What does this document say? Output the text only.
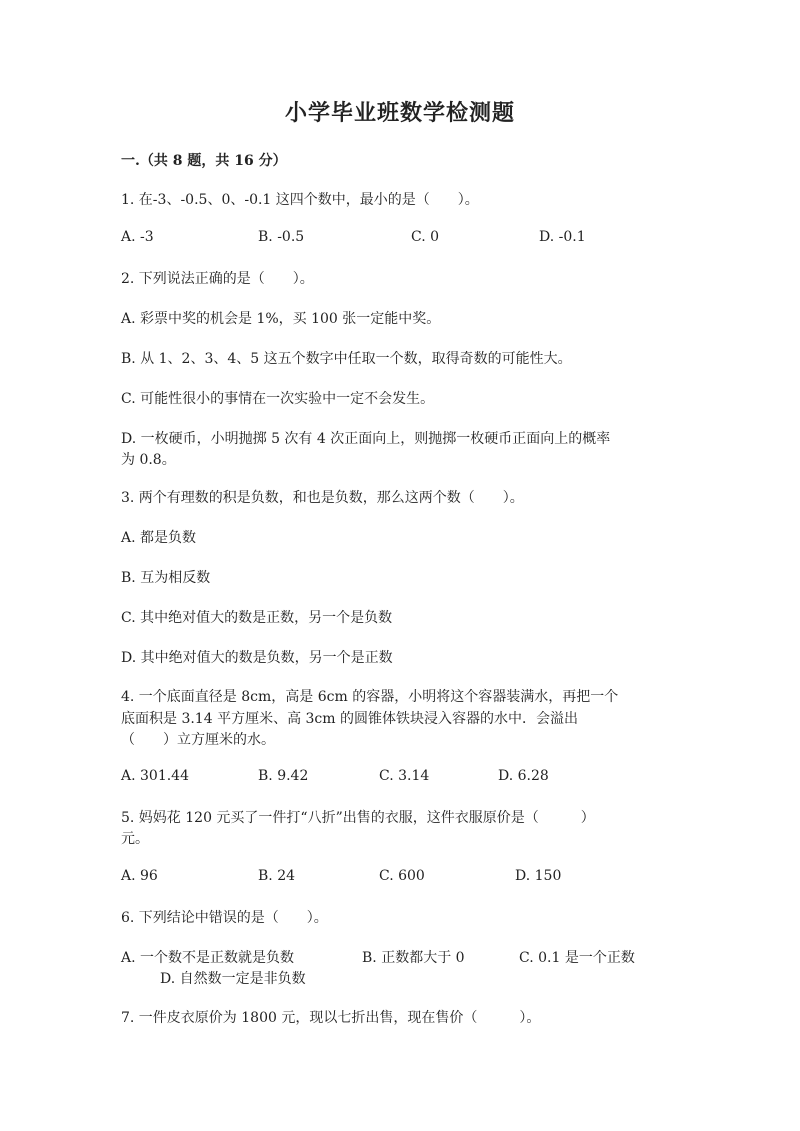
小学毕业班数学检测题
一.（共 8 题，共 16 分）
1. 在-3、-0.5、0、-0.1 这四个数中，最小的是（　　）。
A. -3	B. -0.5	C. 0	D. -0.1
2. 下列说法正确的是（　　）。
A. 彩票中奖的机会是 1%，买 100 张一定能中奖。
B. 从 1、2、3、4、5 这五个数字中任取一个数，取得奇数的可能性大。
C. 可能性很小的事情在一次实验中一定不会发生。
D. 一枚硬币，小明抛掷 5 次有 4 次正面向上，则抛掷一枚硬币正面向上的概率
为 0.8。
3. 两个有理数的积是负数，和也是负数，那么这两个数（　　）。
A. 都是负数
B. 互为相反数
C. 其中绝对值大的数是正数，另一个是负数
D. 其中绝对值大的数是负数，另一个是正数
4. 一个底面直径是 8cm，高是 6cm 的容器，小明将这个容器装满水，再把一个
底面积是 3.14 平方厘米、高 3cm 的圆锥体铁块浸入容器的水中．会溢出
（　　）立方厘米的水。
A. 301.44	B. 9.42	C. 3.14	D. 6.28
5. 妈妈花 120 元买了一件打“八折”出售的衣服，这件衣服原价是（　　　）
元。
A. 96	B. 24	C. 600	D. 150
6. 下列结论中错误的是（　　）。
A. 一个数不是正数就是负数	B. 正数都大于 0	C. 0.1 是一个正数
D. 自然数一定是非负数
7. 一件皮衣原价为 1800 元，现以七折出售，现在售价（　　　）。
